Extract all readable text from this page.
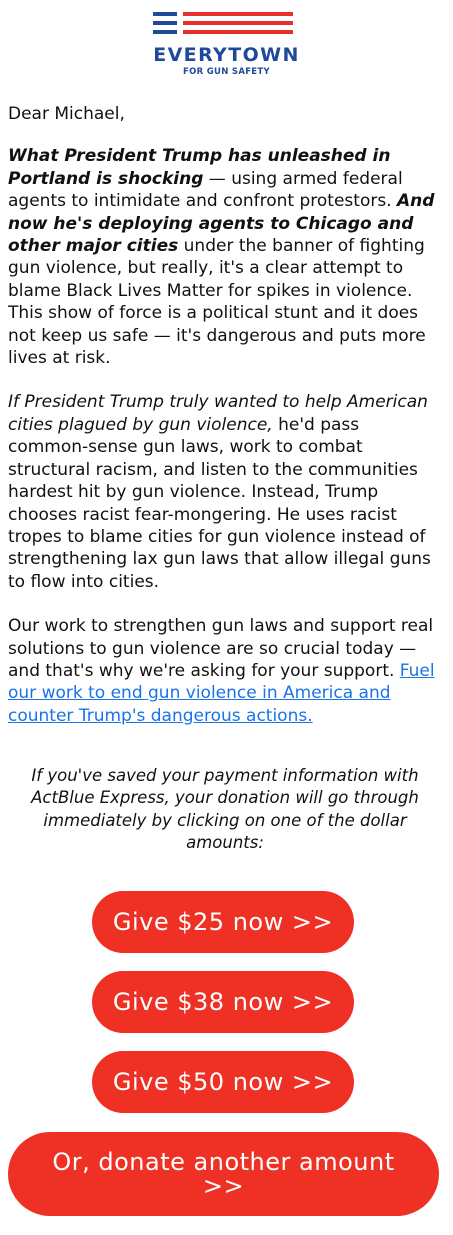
EVERYTOWN
FOR GUN SAFETY

Dear Michael,

What President Trump has unleashed in Portland is shocking — using armed federal agents to intimidate and confront protestors. And now he's deploying agents to Chicago and other major cities under the banner of fighting gun violence, but really, it's a clear attempt to blame Black Lives Matter for spikes in violence. This show of force is a political stunt and it does not keep us safe — it's dangerous and puts more lives at risk.

If President Trump truly wanted to help American cities plagued by gun violence, he'd pass common-sense gun laws, work to combat structural racism, and listen to the communities hardest hit by gun violence. Instead, Trump chooses racist fear-mongering. He uses racist tropes to blame cities for gun violence instead of strengthening lax gun laws that allow illegal guns to flow into cities.

Our work to strengthen gun laws and support real solutions to gun violence are so crucial today — and that's why we're asking for your support. Fuel our work to end gun violence in America and counter Trump's dangerous actions.

If you've saved your payment information with ActBlue Express, your donation will go through immediately by clicking on one of the dollar amounts:
Give $25 now >>
Give $38 now >>
Give $50 now >>
Or, donate another amount >>
